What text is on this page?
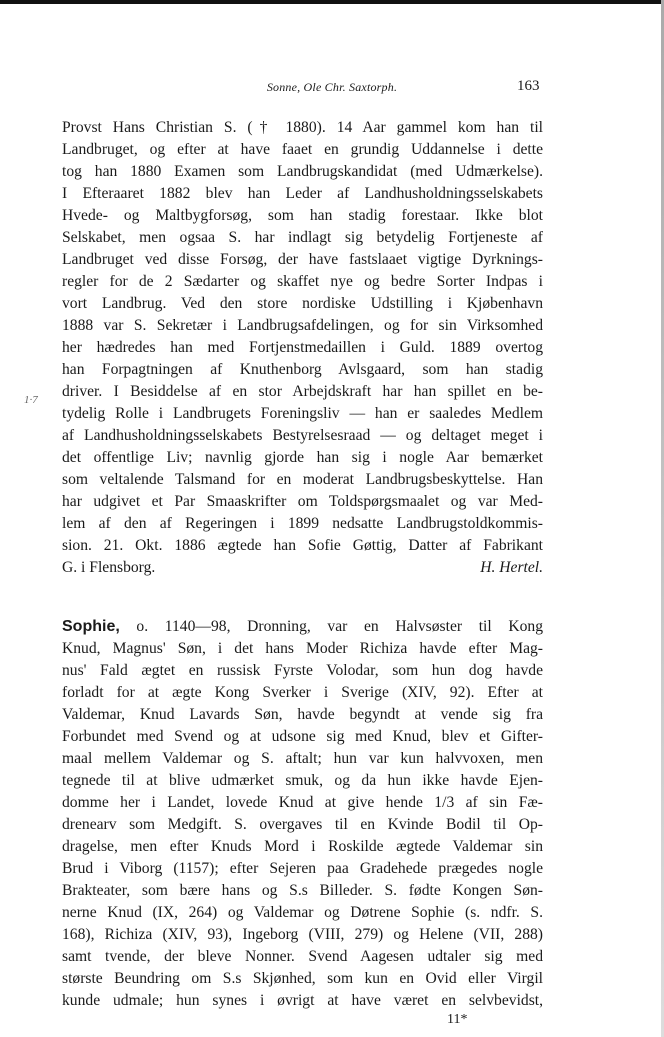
Sonne, Ole Chr. Saxtorph.	163
1·7
Provst Hans Christian S. († 1880). 14 Aar gammel kom han til
Landbruget, og efter at have faaet en grundig Uddannelse i dette
tog han 1880 Examen som Landbrugskandidat (med Udmærkelse).
I Efteraaret 1882 blev han Leder af Landhusholdningsselskabets
Hvede- og Maltbygforsøg, som han stadig forestaar. Ikke blot
Selskabet, men ogsaa S. har indlagt sig betydelig Fortjeneste af
Landbruget ved disse Forsøg, der have fastslaaet vigtige Dyrknings-
regler for de 2 Sædarter og skaffet nye og bedre Sorter Indpas i
vort Landbrug. Ved den store nordiske Udstilling i Kjøbenhavn
1888 var S. Sekretær i Landbrugsafdelingen, og for sin Virksomhed
her hædredes han med Fortjenstmedaillen i Guld. 1889 overtog
han Forpagtningen af Knuthenborg Avlsgaard, som han stadig
driver. I Besiddelse af en stor Arbejdskraft har han spillet en be-
tydelig Rolle i Landbrugets Foreningsliv — han er saaledes Medlem
af Landhusholdningsselskabets Bestyrelsesraad — og deltaget meget i
det offentlige Liv; navnlig gjorde han sig i nogle Aar bemærket
som veltalende Talsmand for en moderat Landbrugsbeskyttelse. Han
har udgivet et Par Smaaskrifter om Toldspørgsmaalet og var Med-
lem af den af Regeringen i 1899 nedsatte Landbrugstoldkommis-
sion. 21. Okt. 1886 ægtede han Sofie Gøttig, Datter af Fabrikant
G. i Flensborg.	H. Hertel.
Sophie, o. 1140—98, Dronning, var en Halvsøster til Kong
Knud, Magnus' Søn, i det hans Moder Richiza havde efter Mag-
nus' Fald ægtet en russisk Fyrste Volodar, som hun dog havde
forladt for at ægte Kong Sverker i Sverige (XIV, 92). Efter at
Valdemar, Knud Lavards Søn, havde begyndt at vende sig fra
Forbundet med Svend og at udsone sig med Knud, blev et Gifter-
maal mellem Valdemar og S. aftalt; hun var kun halvvoxen, men
tegnede til at blive udmærket smuk, og da hun ikke havde Ejen-
domme her i Landet, lovede Knud at give hende 1/3 af sin Fæ-
drenearv som Medgift. S. overgaves til en Kvinde Bodil til Op-
dragelse, men efter Knuds Mord i Roskilde ægtede Valdemar sin
Brud i Viborg (1157); efter Sejeren paa Gradehede prægedes nogle
Brakteater, som bære hans og S.s Billeder. S. fødte Kongen Søn-
nerne Knud (IX, 264) og Valdemar og Døtrene Sophie (s. ndfr. S.
168), Richiza (XIV, 93), Ingeborg (VIII, 279) og Helene (VII, 288)
samt tvende, der bleve Nonner. Svend Aagesen udtaler sig med
største Beundring om S.s Skjønhed, som kun en Ovid eller Virgil
kunde udmale; hun synes i øvrigt at have været en selvbevidst,
11*
